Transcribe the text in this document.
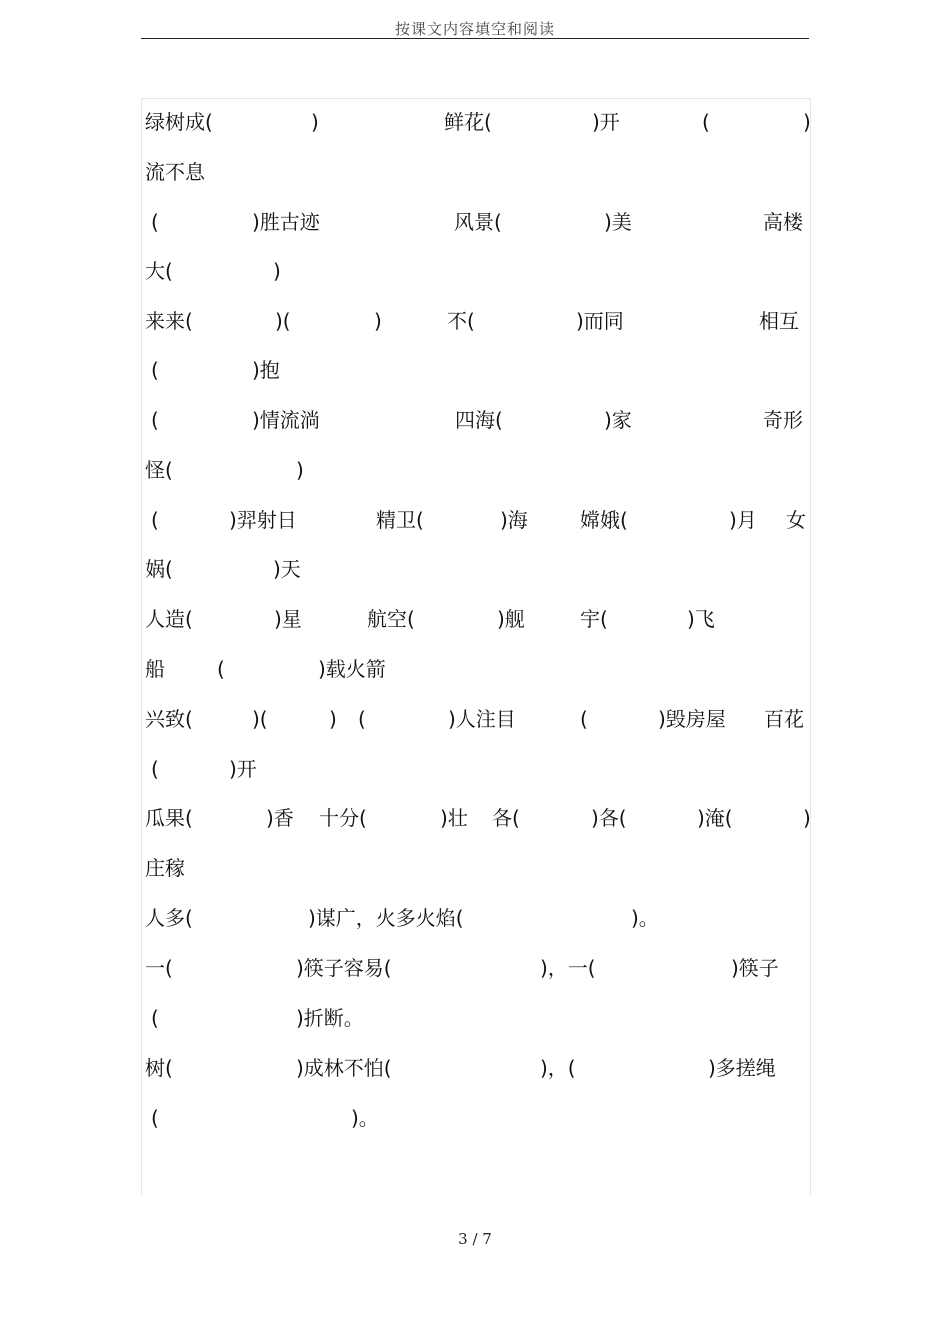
按课文内容填空和阅读
绿树成(	)	鲜花(	)开	(	)
流不息
(	)胜古迹	风景(	)美	高楼
大(	)
来来(	)(	)	不(	)而同	相互
(	)抱
(	)情流淌	四海(	)家	奇形
怪(	)
(	)羿射日	精卫(	)海	嫦娥(	)月 女
娲(	)天
人造(	)星	航空(	)舰	宇(	)飞
船	(	)载火箭
兴致(	)(	) (	)人注目	(	)毁房屋 百花
(	)开
瓜果(	)香 十分(	)壮 各(	)各(	)淹(	)
庄稼
人多(	)谋广，火多火焰(	)。
一(	)筷子容易(	)，一(	)筷子
(	)折断。
树(	)成林不怕(	)，(	)多搓绳
(	)。
3 / 7
